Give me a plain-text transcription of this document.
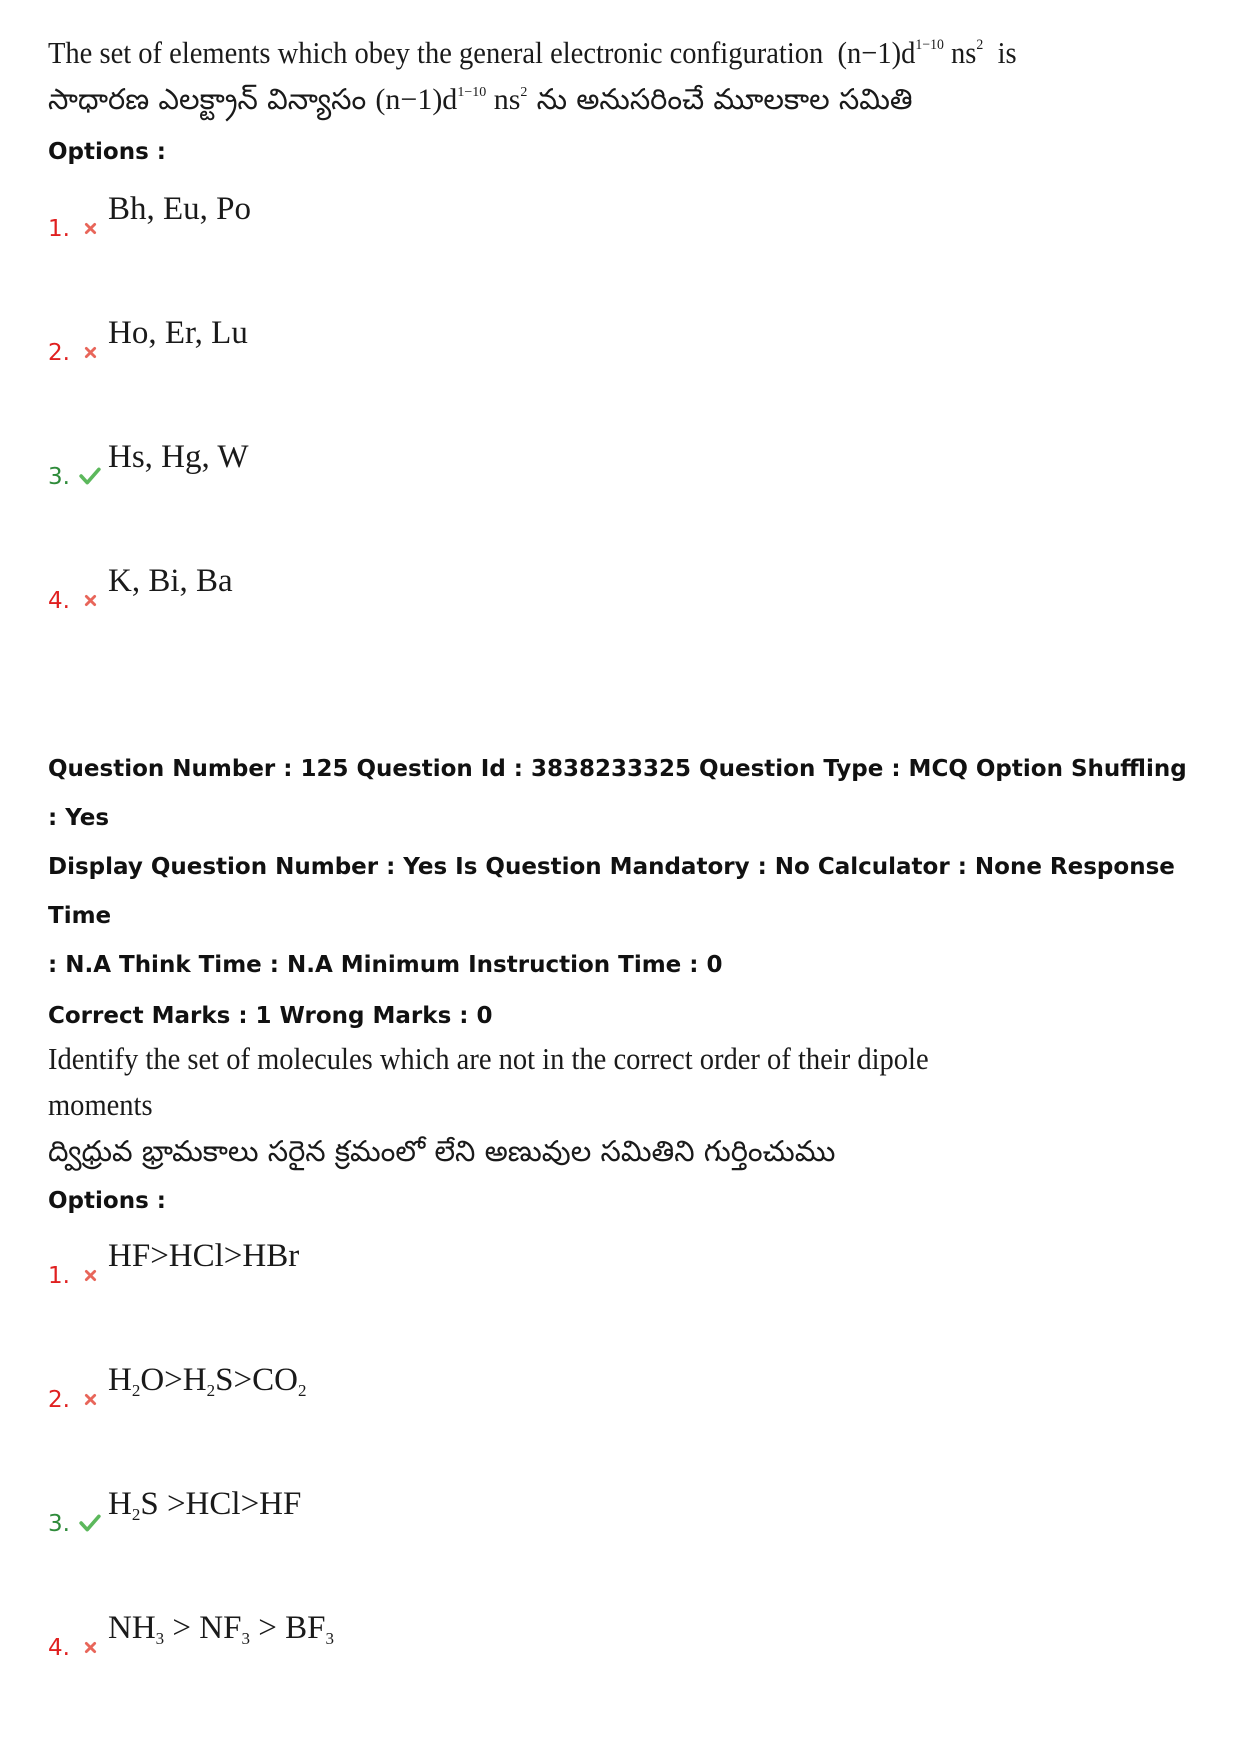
The set of elements which obey the general electronic configuration $(n-1)d^{1-10}$ $ns^2$ is
సాధారణ ఎలక్ట్రాన్ విన్యాసం $(n-1)d^{1-10}$ $ns^2$ ను అనుసరించే మూలకాల సమితి
Options :
1.
Bh, Eu, Po
2.
Ho, Er, Lu
3.
Hs, Hg, W
4.
K, Bi, Ba
Question Number : 125 Question Id : 3838233325 Question Type : MCQ Option Shuffling : Yes
Display Question Number : Yes Is Question Mandatory : No Calculator : None Response Time
: N.A Think Time : N.A Minimum Instruction Time : 0
Correct Marks : 1 Wrong Marks : 0
Identify the set of molecules which are not in the correct order of their dipole
moments
ద్విధ్రువ భ్రామకాలు సరైన క్రమంలో లేని అణువుల సమితిని గుర్తించుము
Options :
1.
HF>HCl>HBr
2.
$H_2O>H_2S>CO_2$
3.
$H_2S >HCl>HF$
4.
$NH_3 > NF_3 > BF_3$
